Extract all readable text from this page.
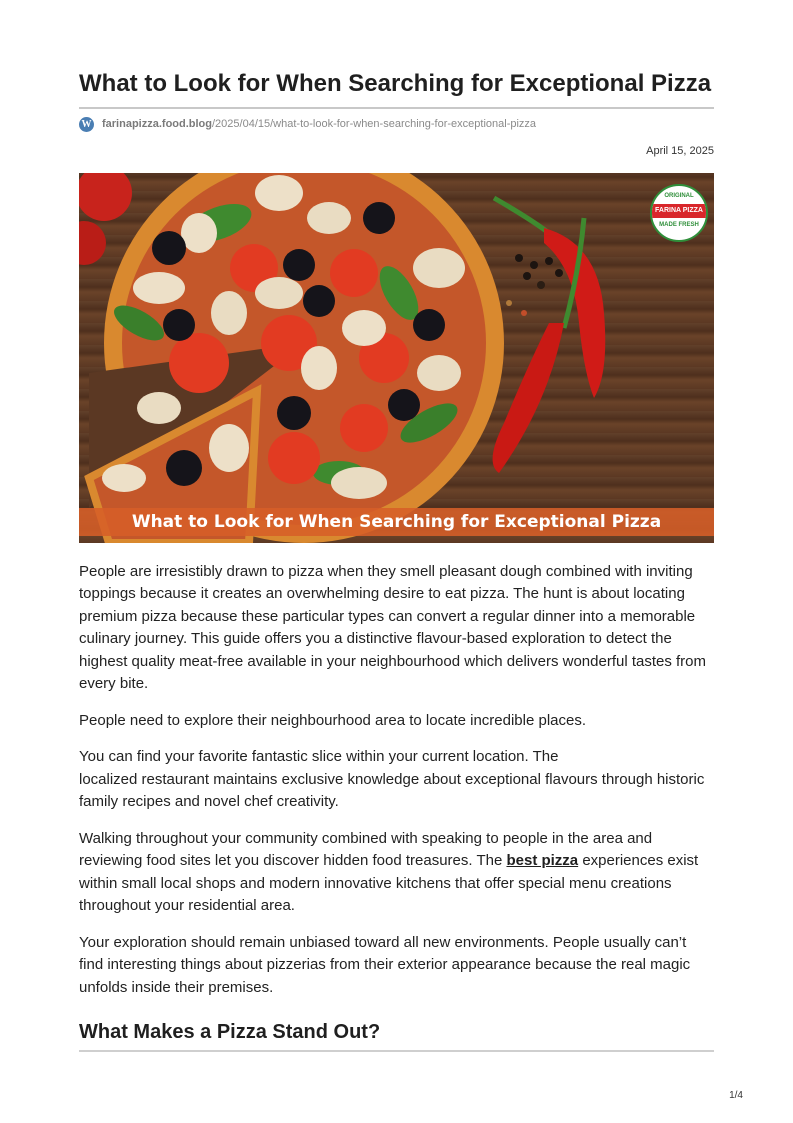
What to Look for When Searching for Exceptional Pizza
W farinapizza.food.blog/2025/04/15/what-to-look-for-when-searching-for-exceptional-pizza
April 15, 2025
ORIGINAL
FARINA PIZZA
MADE FRESH
What to Look for When Searching for Exceptional Pizza

People are irresistibly drawn to pizza when they smell pleasant dough combined with inviting toppings because it creates an overwhelming desire to eat pizza. The hunt is about locating premium pizza because these particular types can convert a regular dinner into a memorable culinary journey. This guide offers you a distinctive flavour-based exploration to detect the highest quality meat-free available in your neighbourhood which delivers wonderful tastes from every bite.

People need to explore their neighbourhood area to locate incredible places.

You can find your favorite fantastic slice within your current location. The
localized restaurant maintains exclusive knowledge about exceptional flavours through historic family recipes and novel chef creativity.

Walking throughout your community combined with speaking to people in the area and reviewing food sites let you discover hidden food treasures. The best pizza experiences exist within small local shops and modern innovative kitchens that offer special menu creations throughout your residential area.

Your exploration should remain unbiased toward all new environments. People usually can’t find interesting things about pizzerias from their exterior appearance because the real magic unfolds inside their premises.

What Makes a Pizza Stand Out?
1/4
